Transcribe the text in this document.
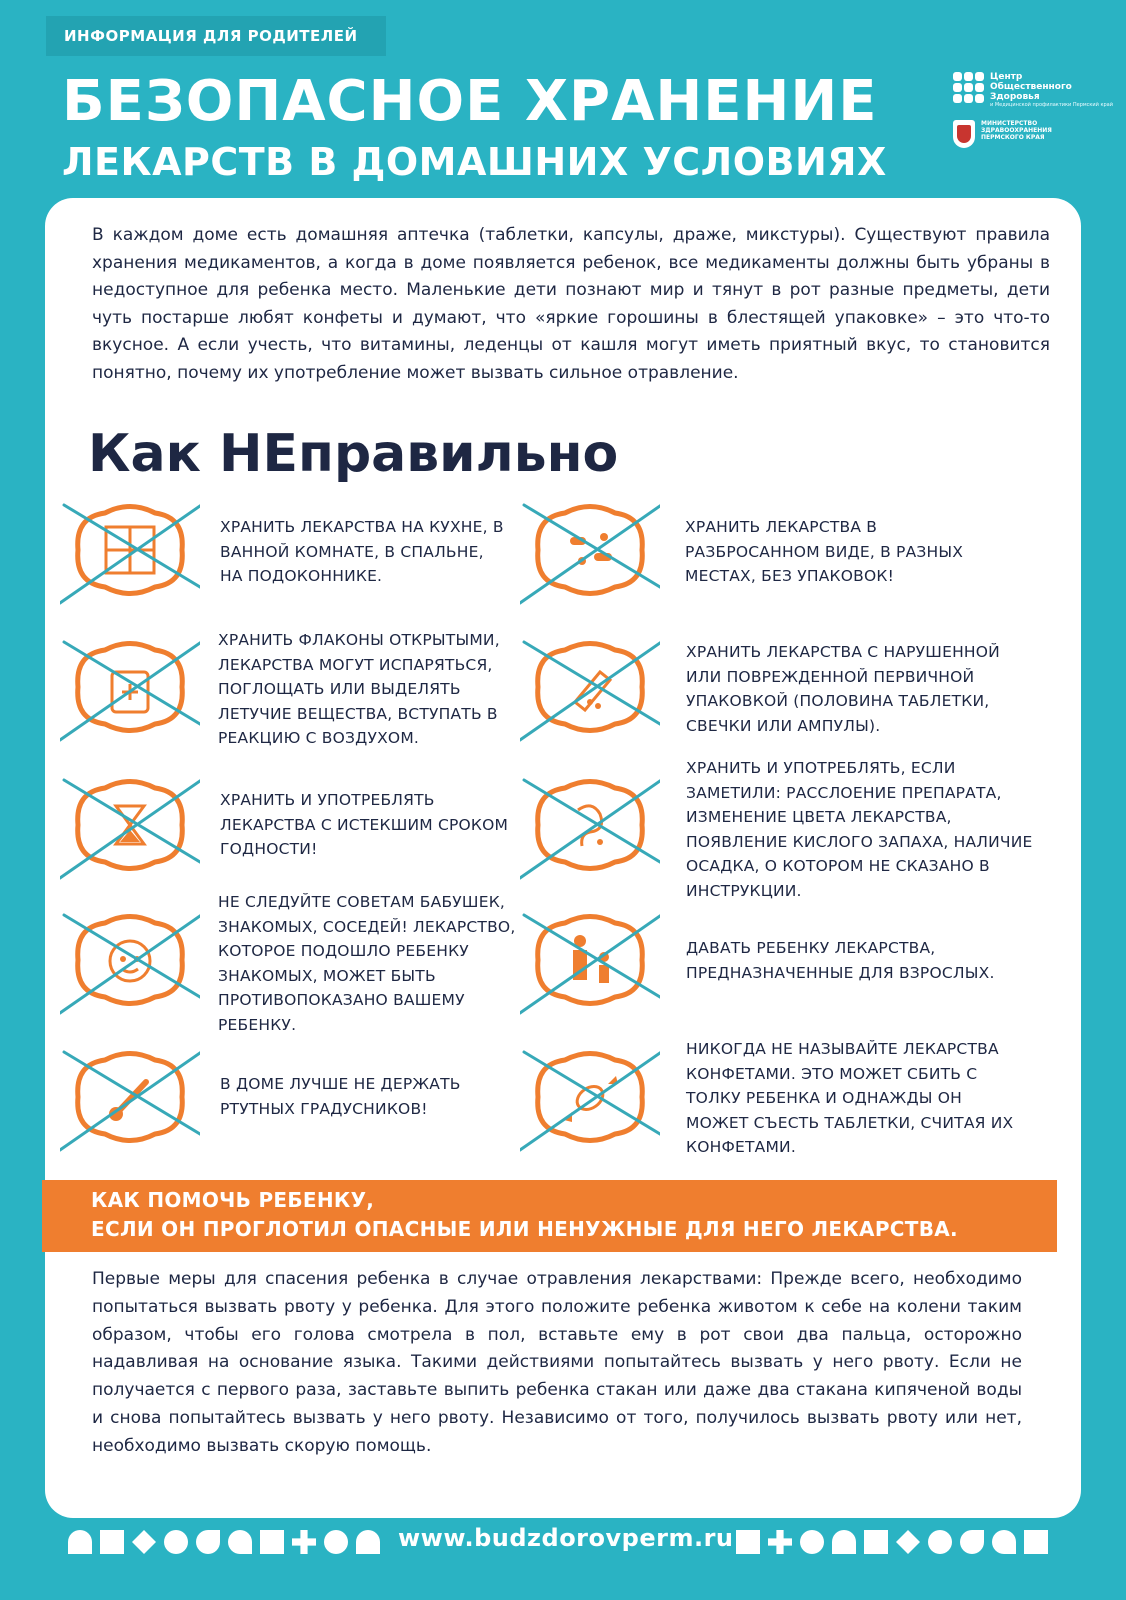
ИНФОРМАЦИЯ ДЛЯ РОДИТЕЛЕЙ
БЕЗОПАСНОЕ ХРАНЕНИЕ
ЛЕКАРСТВ В ДОМАШНИХ УСЛОВИЯХ
Центр
Общественного
Здоровья
и Медицинской профилактики Пермский край
МИНИСТЕРСТВО
ЗДРАВООХРАНЕНИЯ
ПЕРМСКОГО КРАЯ

В каждом доме есть домашняя аптечка (таблетки, капсулы, драже, микстуры). Существуют правила хранения медикаментов, а когда в доме появляется ребенок, все медикаменты должны быть убраны в недоступное для ребенка место. Маленькие дети познают мир и тянут в рот разные предметы, дети чуть постарше любят конфеты и думают, что «яркие горошины в блестящей упаковке» – это что-то вкусное. А если учесть, что витамины, леденцы от кашля могут иметь приятный вкус, то становится понятно, почему их употребление может вызвать сильное отравление.

Как НЕправильно
ХРАНИТЬ ЛЕКАРСТВА НА КУХНЕ, В ВАННОЙ КОМНАТЕ, В СПАЛЬНЕ, НА ПОДОКОННИКЕ.
ХРАНИТЬ ЛЕКАРСТВА В РАЗБРОСАННОМ ВИДЕ, В РАЗНЫХ МЕСТАХ, БЕЗ УПАКОВОК!
ХРАНИТЬ ФЛАКОНЫ ОТКРЫТЫМИ, ЛЕКАРСТВА МОГУТ ИСПАРЯТЬСЯ, ПОГЛОЩАТЬ ИЛИ ВЫДЕЛЯТЬ ЛЕТУЧИЕ ВЕЩЕСТВА, ВСТУПАТЬ В РЕАКЦИЮ С ВОЗДУХОМ.
ХРАНИТЬ ЛЕКАРСТВА С НАРУШЕННОЙ ИЛИ ПОВРЕЖДЕННОЙ ПЕРВИЧНОЙ УПАКОВКОЙ (ПОЛОВИНА ТАБЛЕТКИ, СВЕЧКИ ИЛИ АМПУЛЫ).
ХРАНИТЬ И УПОТРЕБЛЯТЬ ЛЕКАРСТВА С ИСТЕКШИМ СРОКОМ ГОДНОСТИ!
ХРАНИТЬ И УПОТРЕБЛЯТЬ, ЕСЛИ ЗАМЕТИЛИ: РАССЛОЕНИЕ ПРЕПАРАТА, ИЗМЕНЕНИЕ ЦВЕТА ЛЕКАРСТВА, ПОЯВЛЕНИЕ КИСЛОГО ЗАПАХА, НАЛИЧИЕ ОСАДКА, О КОТОРОМ НЕ СКАЗАНО В ИНСТРУКЦИИ.
НЕ СЛЕДУЙТЕ СОВЕТАМ БАБУШЕК, ЗНАКОМЫХ, СОСЕДЕЙ! ЛЕКАРСТВО, КОТОРОЕ ПОДОШЛО РЕБЕНКУ ЗНАКОМЫХ, МОЖЕТ БЫТЬ ПРОТИВОПОКАЗАНО ВАШЕМУ РЕБЕНКУ.
ДАВАТЬ РЕБЕНКУ ЛЕКАРСТВА, ПРЕДНАЗНАЧЕННЫЕ ДЛЯ ВЗРОСЛЫХ.
В ДОМЕ ЛУЧШЕ НЕ ДЕРЖАТЬ РТУТНЫХ ГРАДУСНИКОВ!
НИКОГДА НЕ НАЗЫВАЙТЕ ЛЕКАРСТВА КОНФЕТАМИ. ЭТО МОЖЕТ СБИТЬ С ТОЛКУ РЕБЕНКА И ОДНАЖДЫ ОН МОЖЕТ СЪЕСТЬ ТАБЛЕТКИ, СЧИТАЯ ИХ КОНФЕТАМИ.
КАК ПОМОЧЬ РЕБЕНКУ,
ЕСЛИ ОН ПРОГЛОТИЛ ОПАСНЫЕ ИЛИ НЕНУЖНЫЕ ДЛЯ НЕГО ЛЕКАРСТВА.

Первые меры для спасения ребенка в случае отравления лекарствами: Прежде всего, необходимо попытаться вызвать рвоту у ребенка. Для этого положите ребенка животом к себе на колени таким образом, чтобы его голова смотрела в пол, вставьте ему в рот свои два пальца, осторожно надавливая на основание языка. Такими действиями попытайтесь вызвать у него рвоту. Если не получается с первого раза, заставьте выпить ребенка стакан или даже два стакана кипяченой воды и снова попытайтесь вызвать у него рвоту. Независимо от того, получилось вызвать рвоту или нет, необходимо вызвать скорую помощь.

www.budzdorovperm.ru
